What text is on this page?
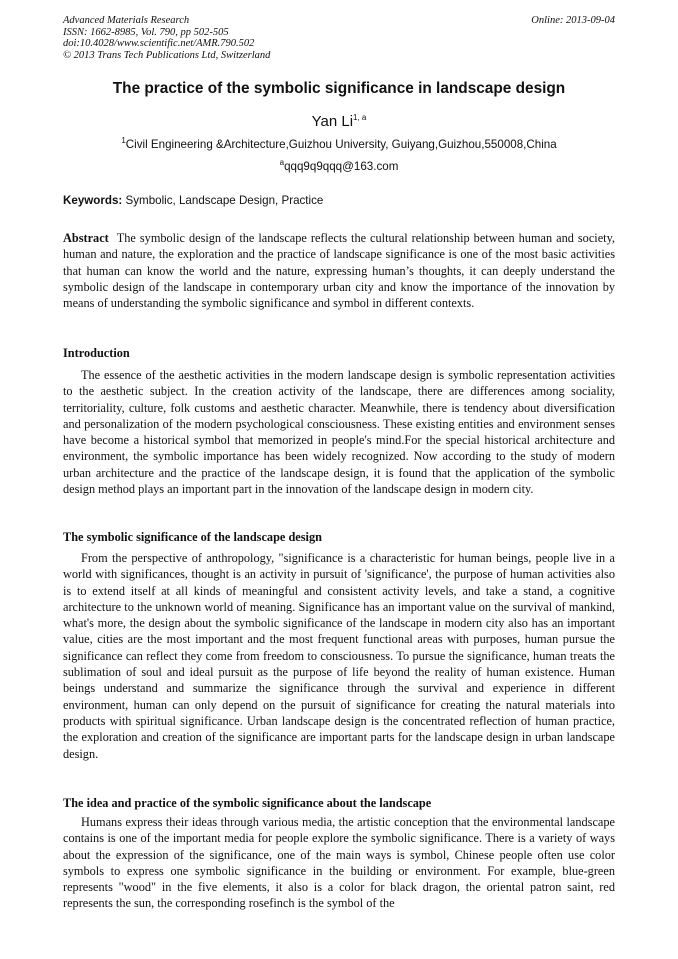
Advanced Materials Research
ISSN: 1662-8985, Vol. 790, pp 502-505
doi:10.4028/www.scientific.net/AMR.790.502
© 2013 Trans Tech Publications Ltd, Switzerland
Online: 2013-09-04
The practice of the symbolic significance in landscape design
Yan Li$^{1, a}$
$^1$Civil Engineering &Architecture,Guizhou University, Guiyang,Guizhou,550008,China
$^a$qqq9q9qqq@163.com
Keywords: Symbolic, Landscape Design, Practice
Abstract The symbolic design of the landscape reflects the cultural relationship between human and society, human and nature, the exploration and the practice of landscape significance is one of the most basic activities that human can know the world and the nature, expressing human’s thoughts, it can deeply understand the symbolic design of the landscape in contemporary urban city and know the importance of the innovation by means of understanding the symbolic significance and symbol in different contexts.
Introduction
The essence of the aesthetic activities in the modern landscape design is symbolic representation activities to the aesthetic subject. In the creation activity of the landscape, there are differences among sociality, territoriality, culture, folk customs and aesthetic character. Meanwhile, there is tendency about diversification and personalization of the modern psychological consciousness. These existing entities and environment senses have become a historical symbol that memorized in people's mind.For the special historical architecture and environment, the symbolic importance has been widely recognized. Now according to the study of modern urban architecture and the practice of the landscape design, it is found that the application of the symbolic design method plays an important part in the innovation of the landscape design in modern city.
The symbolic significance of the landscape design
From the perspective of anthropology, "significance is a characteristic for human beings, people live in a world with significances, thought is an activity in pursuit of 'significance', the purpose of human activities also is to extend itself at all kinds of meaningful and consistent activity levels, and take a stand, a cognitive architecture to the unknown world of meaning. Significance has an important value on the survival of mankind, what's more, the design about the symbolic significance of the landscape in modern city also has an important value, cities are the most important and the most frequent functional areas with purposes, human pursue the significance can reflect they come from freedom to consciousness. To pursue the significance, human treats the sublimation of soul and ideal pursuit as the purpose of life beyond the reality of human existence. Human beings understand and summarize the significance through the survival and experience in different environment, human can only depend on the pursuit of significance for creating the natural materials into products with spiritual significance. Urban landscape design is the concentrated reflection of human practice, the exploration and creation of the significance are important parts for the landscape design in urban landscape design.
The idea and practice of the symbolic significance about the landscape
Humans express their ideas through various media, the artistic conception that the environmental landscape contains is one of the important media for people explore the symbolic significance. There is a variety of ways about the expression of the significance, one of the main ways is symbol, Chinese people often use color symbols to express one symbolic significance in the building or environment. For example, blue-green represents "wood" in the five elements, it also is a color for black dragon, the oriental patron saint, red represents the sun, the corresponding rosefinch is the symbol of the
